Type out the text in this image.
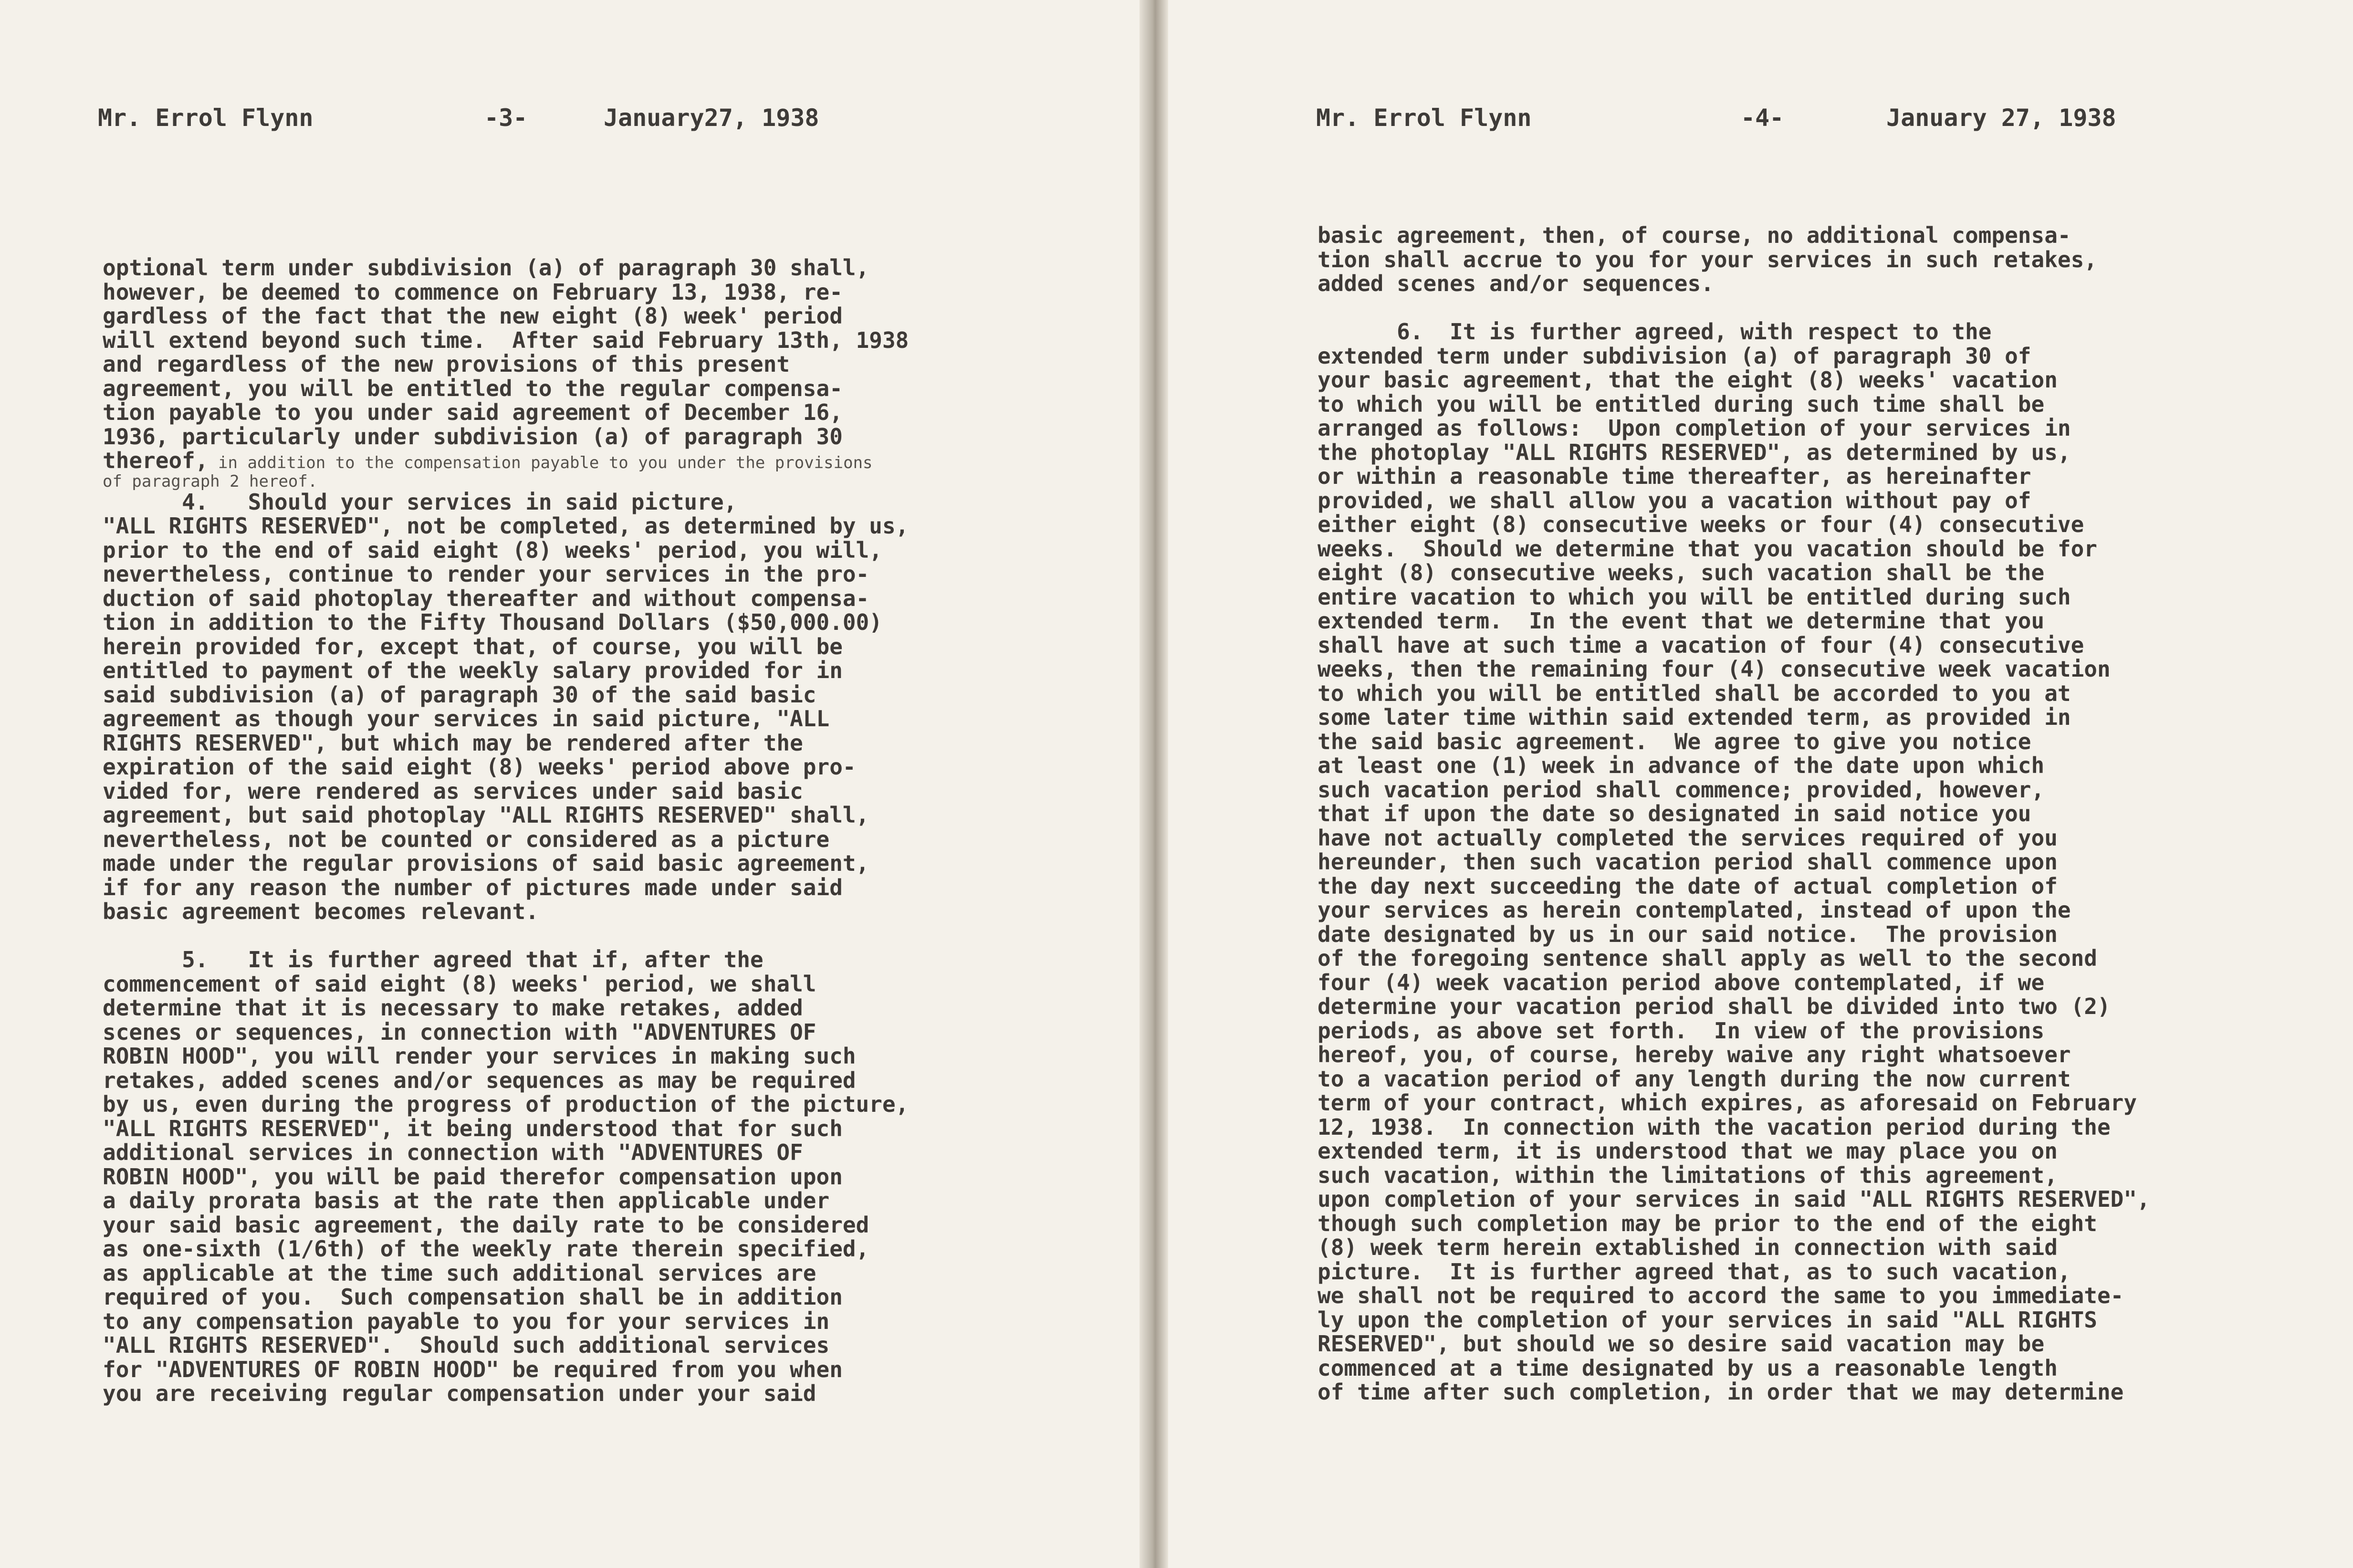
Mr. Errol Flynn	-3-	January27, 1938
optional term under subdivision (a) of paragraph 30 shall,
however, be deemed to commence on February 13, 1938, re-
gardless of the fact that the new eight (8) week' period
will extend beyond such time.  After said February 13th, 1938
and regardless of the new provisions of this present
agreement, you will be entitled to the regular compensa-
tion payable to you under said agreement of December 16,
1936, particularly under subdivision (a) of paragraph 30
thereof, in addition to the compensation payable to you under the provisions
of paragraph 2 hereof.
4.   Should your services in said picture,
"ALL RIGHTS RESERVED", not be completed, as determined by us,
prior to the end of said eight (8) weeks' period, you will,
nevertheless, continue to render your services in the pro-
duction of said photoplay thereafter and without compensa-
tion in addition to the Fifty Thousand Dollars ($50,000.00)
herein provided for, except that, of course, you will be
entitled to payment of the weekly salary provided for in
said subdivision (a) of paragraph 30 of the said basic
agreement as though your services in said picture, "ALL
RIGHTS RESERVED", but which may be rendered after the
expiration of the said eight (8) weeks' period above pro-
vided for, were rendered as services under said basic
agreement, but said photoplay "ALL RIGHTS RESERVED" shall,
nevertheless, not be counted or considered as a picture
made under the regular provisions of said basic agreement,
if for any reason the number of pictures made under said
basic agreement becomes relevant.
5.   It is further agreed that if, after the
commencement of said eight (8) weeks' period, we shall
determine that it is necessary to make retakes, added
scenes or sequences, in connection with "ADVENTURES OF
ROBIN HOOD", you will render your services in making such
retakes, added scenes and/or sequences as may be required
by us, even during the progress of production of the picture,
"ALL RIGHTS RESERVED", it being understood that for such
additional services in connection with "ADVENTURES OF
ROBIN HOOD", you will be paid therefor compensation upon
a daily prorata basis at the rate then applicable under
your said basic agreement, the daily rate to be considered
as one-sixth (1/6th) of the weekly rate therein specified,
as applicable at the time such additional services are
required of you.  Such compensation shall be in addition
to any compensation payable to you for your services in
"ALL RIGHTS RESERVED".  Should such additional services
for "ADVENTURES OF ROBIN HOOD" be required from you when
you are receiving regular compensation under your said
Mr. Errol Flynn	-4-	January 27, 1938
basic agreement, then, of course, no additional compensa-
tion shall accrue to you for your services in such retakes,
added scenes and/or sequences.
6.  It is further agreed, with respect to the
extended term under subdivision (a) of paragraph 30 of
your basic agreement, that the eight (8) weeks' vacation
to which you will be entitled during such time shall be
arranged as follows:  Upon completion of your services in
the photoplay "ALL RIGHTS RESERVED", as determined by us,
or within a reasonable time thereafter, as hereinafter
provided, we shall allow you a vacation without pay of
either eight (8) consecutive weeks or four (4) consecutive
weeks.  Should we determine that you vacation should be for
eight (8) consecutive weeks, such vacation shall be the
entire vacation to which you will be entitled during such
extended term.  In the event that we determine that you
shall have at such time a vacation of four (4) consecutive
weeks, then the remaining four (4) consecutive week vacation
to which you will be entitled shall be accorded to you at
some later time within said extended term, as provided in
the said basic agreement.  We agree to give you notice
at least one (1) week in advance of the date upon which
such vacation period shall commence; provided, however,
that if upon the date so designated in said notice you
have not actually completed the services required of you
hereunder, then such vacation period shall commence upon
the day next succeeding the date of actual completion of
your services as herein contemplated, instead of upon the
date designated by us in our said notice.  The provision
of the foregoing sentence shall apply as well to the second
four (4) week vacation period above contemplated, if we
determine your vacation period shall be divided into two (2)
periods, as above set forth.  In view of the provisions
hereof, you, of course, hereby waive any right whatsoever
to a vacation period of any length during the now current
term of your contract, which expires, as aforesaid on February
12, 1938.  In connection with the vacation period during the
extended term, it is understood that we may place you on
such vacation, within the limitations of this agreement,
upon completion of your services in said "ALL RIGHTS RESERVED",
though such completion may be prior to the end of the eight
(8) week term herein extablished in connection with said
picture.  It is further agreed that, as to such vacation,
we shall not be required to accord the same to you immediate-
ly upon the completion of your services in said "ALL RIGHTS
RESERVED", but should we so desire said vacation may be
commenced at a time designated by us a reasonable length
of time after such completion, in order that we may determine
